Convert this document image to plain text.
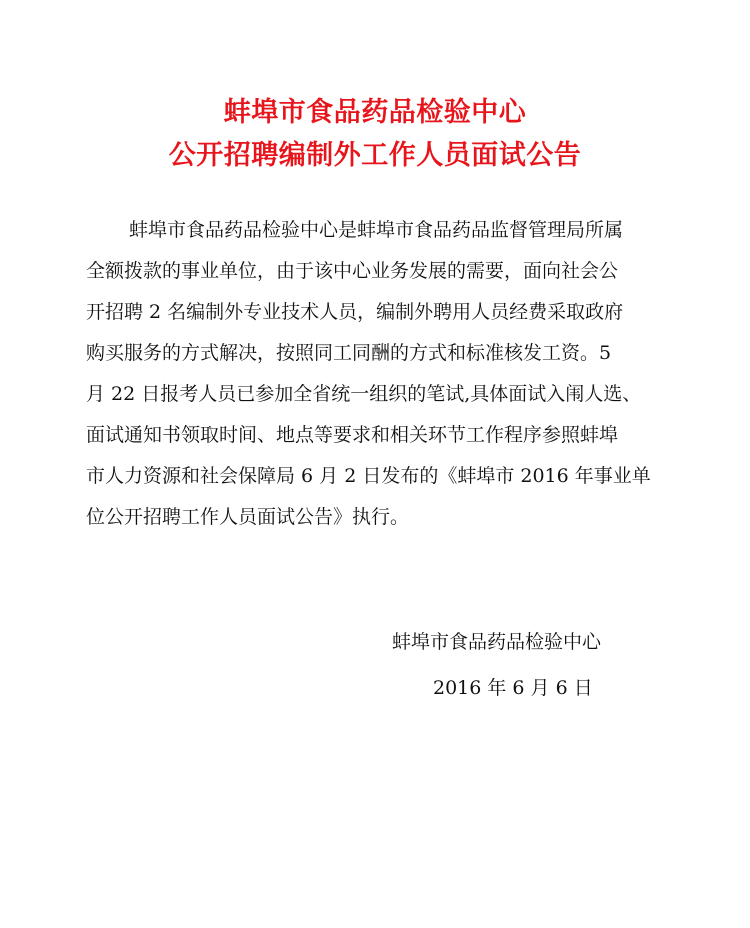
蚌埠市食品药品检验中心
公开招聘编制外工作人员面试公告
蚌埠市食品药品检验中心是蚌埠市食品药品监督管理局所属
全额拨款的事业单位，由于该中心业务发展的需要，面向社会公
开招聘 2 名编制外专业技术人员，编制外聘用人员经费采取政府
购买服务的方式解决，按照同工同酬的方式和标准核发工资。5
月 22 日报考人员已参加全省统一组织的笔试,具体面试入闱人选、
面试通知书领取时间、地点等要求和相关环节工作程序参照蚌埠
市人力资源和社会保障局 6 月 2 日发布的《蚌埠市 2016 年事业单
位公开招聘工作人员面试公告》执行。
蚌埠市食品药品检验中心
2016 年 6 月 6 日
